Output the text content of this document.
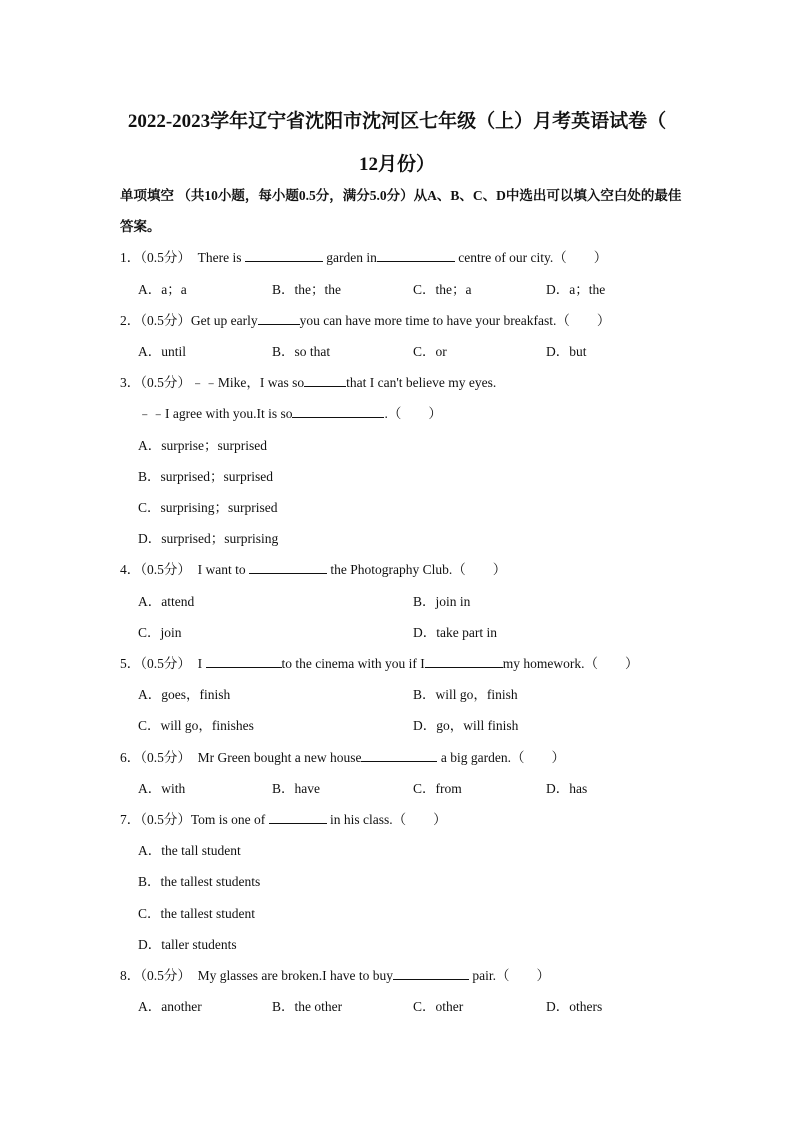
2022-2023学年辽宁省沈阳市沈河区七年级（上）月考英语试卷（
12月份）
单项填空 （共10小题，每小题0.5分，满分5.0分）从A、B、C、D中选出可以填入空白处的最佳答案。
1．（0.5分） There is	garden in	centre of our city.（　　）
A．a；a	B．the；the	C．the；a	D．a；the
2．（0.5分）Get up early	you can have more time to have your breakfast.（　　）
A．until	B．so that	C．or	D．but
3．（0.5分）﹣﹣Mike，I was so	that I can't believe my eyes.
﹣﹣I agree with you.It is so	.（　　）
A．surprise；surprised
B．surprised；surprised
C．surprising；surprised
D．surprised；surprising
4．（0.5分） I want to	the Photography Club.（　　）
A．attend	B．join in
C．join	D．take part in
5．（0.5分） I	to the cinema with you if I	my homework.（　　）
A．goes，finish	B．will go，finish
C．will go，finishes	D．go，will finish
6．（0.5分） Mr Green bought a new house	a big garden.（　　）
A．with	B．have	C．from	D．has
7．（0.5分）Tom is one of	in his class.（　　）
A．the tall student
B．the tallest students
C．the tallest student
D．taller students
8．（0.5分） My glasses are broken.I have to buy	pair.（　　）
A．another	B．the other	C．other	D．others
